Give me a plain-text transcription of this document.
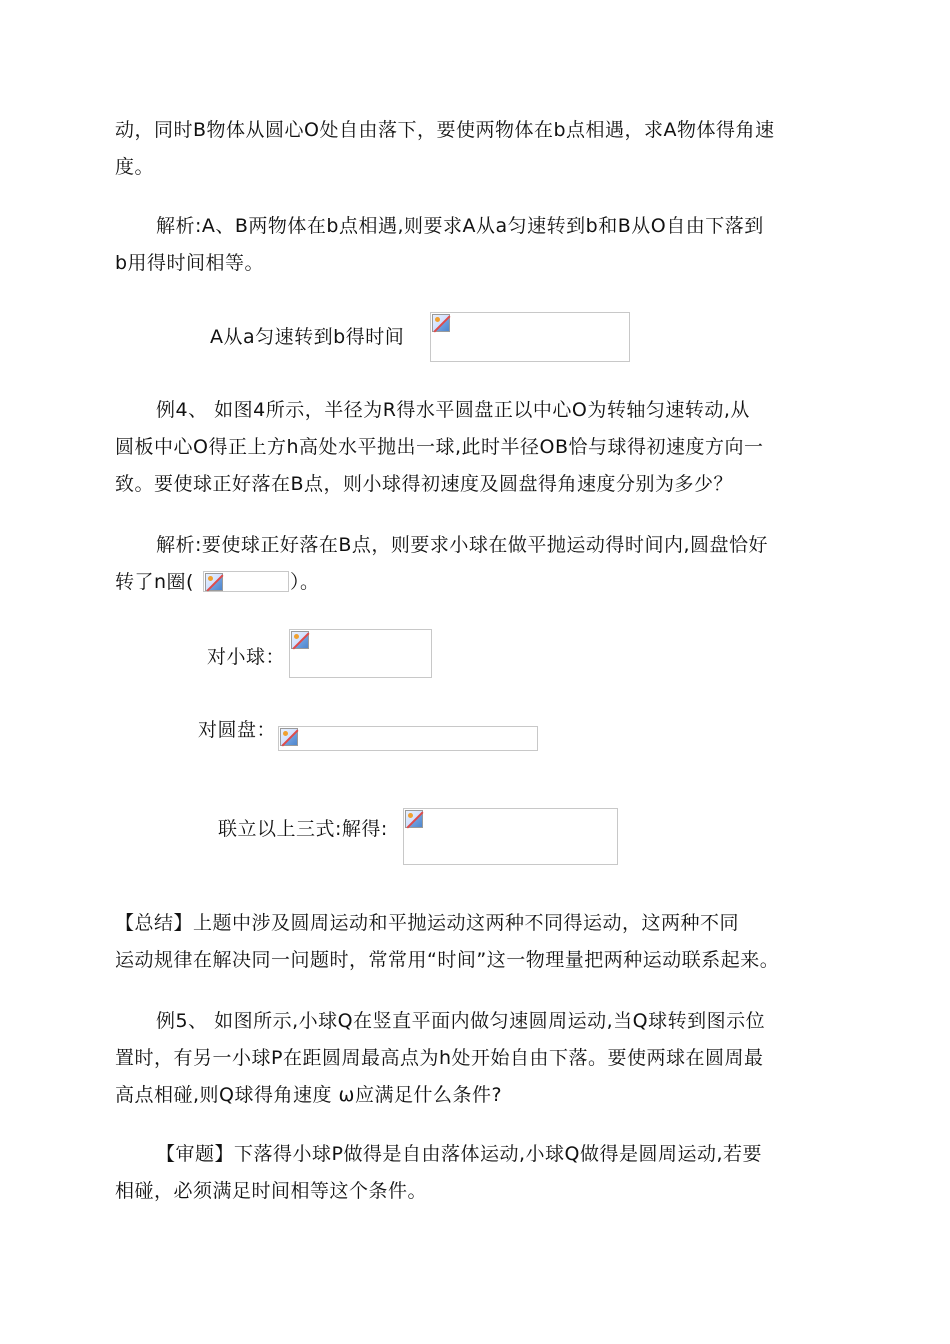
动，同时B物体从圆心O处自由落下，要使两物体在b点相遇，求A物体得角速
度。
解析:A、B两物体在b点相遇,则要求A从a匀速转到b和B从O自由下落到
b用得时间相等。
A从a匀速转到b得时间
例4、 如图4所示，半径为R得水平圆盘正以中心O为转轴匀速转动,从
圆板中心O得正上方h高处水平抛出一球,此时半径OB恰与球得初速度方向一
致。要使球正好落在B点，则小球得初速度及圆盘得角速度分别为多少？
解析:要使球正好落在B点，则要求小球在做平抛运动得时间内,圆盘恰好
转了n圈(	）。
对小球：
对圆盘：
联立以上三式:解得:
【总结】上题中涉及圆周运动和平抛运动这两种不同得运动，这两种不同
运动规律在解决同一问题时，常常用“时间”这一物理量把两种运动联系起来。
例5、 如图所示,小球Q在竖直平面内做匀速圆周运动,当Q球转到图示位
置时，有另一小球P在距圆周最高点为h处开始自由下落。要使两球在圆周最
高点相碰,则Q球得角速度 ω应满足什么条件?
【审题】下落得小球P做得是自由落体运动,小球Q做得是圆周运动,若要
相碰，必须满足时间相等这个条件。
